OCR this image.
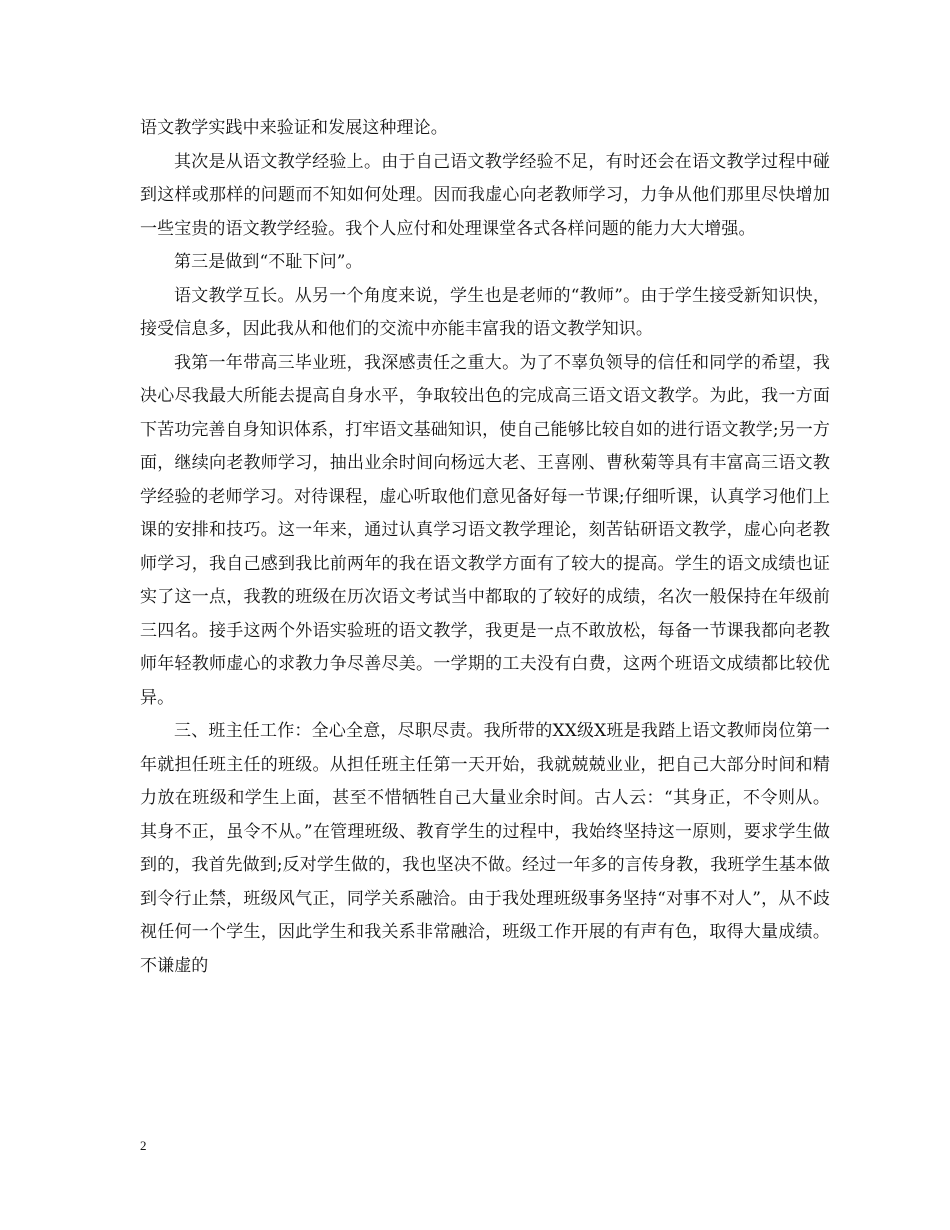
语文教学实践中来验证和发展这种理论。

其次是从语文教学经验上。由于自己语文教学经验不足，有时还会在语文教学过程中碰到这样或那样的问题而不知如何处理。因而我虚心向老教师学习，力争从他们那里尽快增加一些宝贵的语文教学经验。我个人应付和处理课堂各式各样问题的能力大大增强。

第三是做到“不耻下问”。

语文教学互长。从另一个角度来说，学生也是老师的“教师”。由于学生接受新知识快，接受信息多，因此我从和他们的交流中亦能丰富我的语文教学知识。

我第一年带高三毕业班，我深感责任之重大。为了不辜负领导的信任和同学的希望，我决心尽我最大所能去提高自身水平，争取较出色的完成高三语文语文教学。为此，我一方面下苦功完善自身知识体系，打牢语文基础知识，使自己能够比较自如的进行语文教学;另一方面，继续向老教师学习，抽出业余时间向杨远大老、王喜刚、曹秋菊等具有丰富高三语文教学经验的老师学习。对待课程，虚心听取他们意见备好每一节课;仔细听课，认真学习他们上课的安排和技巧。这一年来，通过认真学习语文教学理论，刻苦钻研语文教学，虚心向老教师学习，我自己感到我比前两年的我在语文教学方面有了较大的提高。学生的语文成绩也证实了这一点，我教的班级在历次语文考试当中都取的了较好的成绩，名次一般保持在年级前三四名。接手这两个外语实验班的语文教学，我更是一点不敢放松，每备一节课我都向老教师年轻教师虚心的求教力争尽善尽美。一学期的工夫没有白费，这两个班语文成绩都比较优异。

三、班主任工作：全心全意，尽职尽责。我所带的XX级X班是我踏上语文教师岗位第一年就担任班主任的班级。从担任班主任第一天开始，我就兢兢业业，把自己大部分时间和精力放在班级和学生上面，甚至不惜牺牲自己大量业余时间。古人云：“其身正，不令则从。其身不正，虽令不从。”在管理班级、教育学生的过程中，我始终坚持这一原则，要求学生做到的，我首先做到;反对学生做的，我也坚决不做。经过一年多的言传身教，我班学生基本做到令行止禁，班级风气正，同学关系融洽。由于我处理班级事务坚持“对事不对人”，从不歧视任何一个学生，因此学生和我关系非常融洽，班级工作开展的有声有色，取得大量成绩。不谦虚的

2
